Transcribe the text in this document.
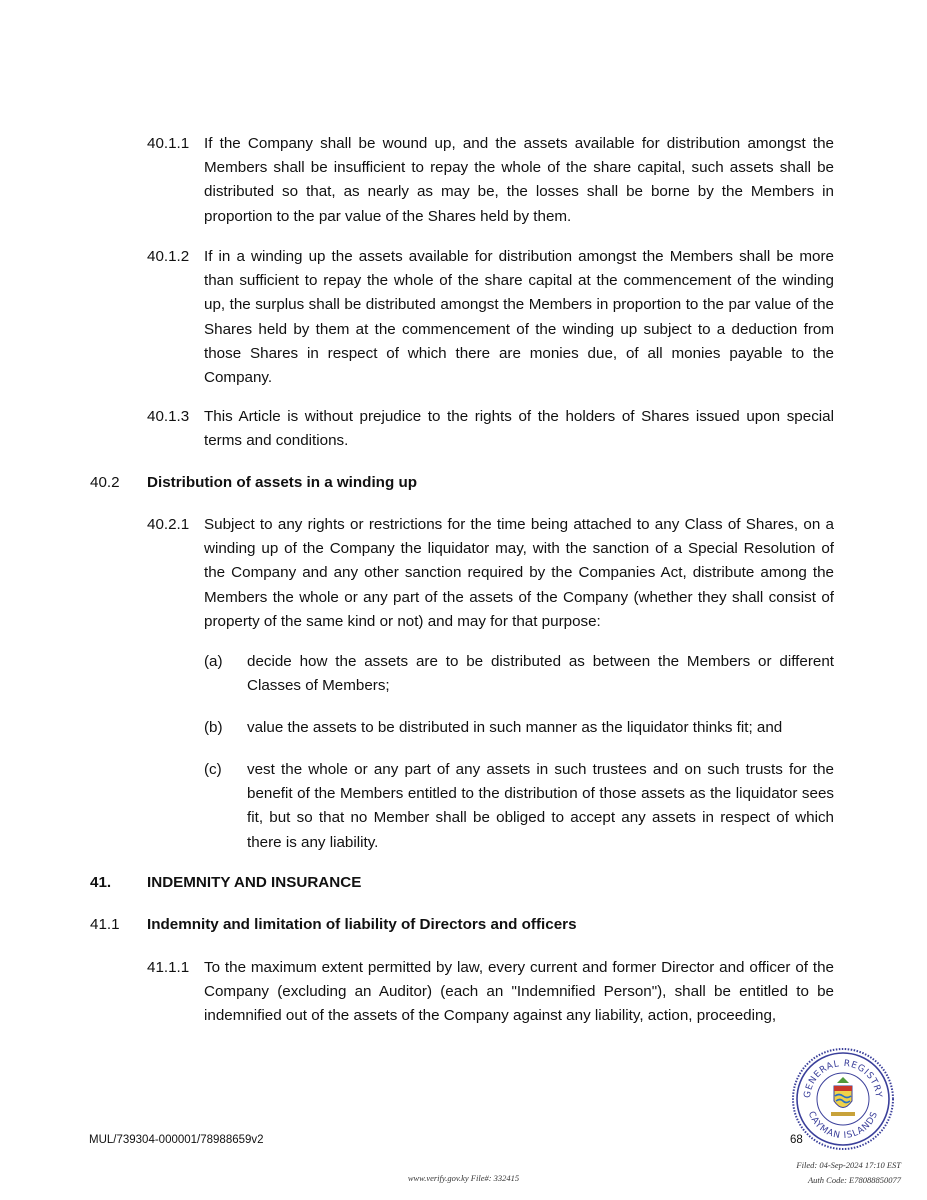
40.1.1 If the Company shall be wound up, and the assets available for distribution amongst the Members shall be insufficient to repay the whole of the share capital, such assets shall be distributed so that, as nearly as may be, the losses shall be borne by the Members in proportion to the par value of the Shares held by them.
40.1.2 If in a winding up the assets available for distribution amongst the Members shall be more than sufficient to repay the whole of the share capital at the commencement of the winding up, the surplus shall be distributed amongst the Members in proportion to the par value of the Shares held by them at the commencement of the winding up subject to a deduction from those Shares in respect of which there are monies due, of all monies payable to the Company.
40.1.3 This Article is without prejudice to the rights of the holders of Shares issued upon special terms and conditions.
40.2 Distribution of assets in a winding up
40.2.1 Subject to any rights or restrictions for the time being attached to any Class of Shares, on a winding up of the Company the liquidator may, with the sanction of a Special Resolution of the Company and any other sanction required by the Companies Act, distribute among the Members the whole or any part of the assets of the Company (whether they shall consist of property of the same kind or not) and may for that purpose:
(a) decide how the assets are to be distributed as between the Members or different Classes of Members;
(b) value the assets to be distributed in such manner as the liquidator thinks fit; and
(c) vest the whole or any part of any assets in such trustees and on such trusts for the benefit of the Members entitled to the distribution of those assets as the liquidator sees fit, but so that no Member shall be obliged to accept any assets in respect of which there is any liability.
41. INDEMNITY AND INSURANCE
41.1 Indemnity and limitation of liability of Directors and officers
41.1.1 To the maximum extent permitted by law, every current and former Director and officer of the Company (excluding an Auditor) (each an "Indemnified Person"), shall be entitled to be indemnified out of the assets of the Company against any liability, action, proceeding,
MUL/739304-000001/78988659v2	68
GENERAL REGISTRY
CAYMAN ISLANDS
Filed: 04-Sep-2024 17:10 EST
Auth Code: E78088850077
www.verify.gov.ky File#: 332415
